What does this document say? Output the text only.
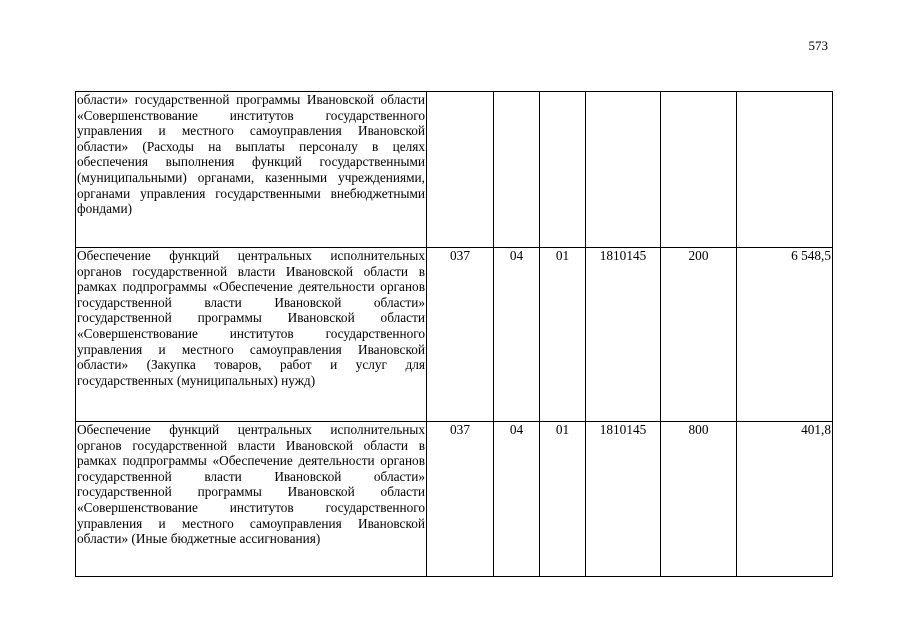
573
области» государственной программы Ивановской области «Совершенствование институтов государственного управления и местного самоуправления Ивановской области» (Расходы на выплаты персоналу в целях обеспечения выполнения функций государственными (муниципальными) органами, казенными учреждениями, органами управления государственными внебюджетными фондами)						
Обеспечение функций центральных исполнительных органов государственной власти Ивановской области в рамках подпрограммы «Обеспечение деятельности органов государственной власти Ивановской области» государственной программы Ивановской области «Совершенствование институтов государственного управления и местного самоуправления Ивановской области» (Закупка товаров, работ и услуг для государственных (муниципальных) нужд)	037	04	01	1810145	200	6 548,5
Обеспечение функций центральных исполнительных органов государственной власти Ивановской области в рамках подпрограммы «Обеспечение деятельности органов государственной власти Ивановской области» государственной программы Ивановской области «Совершенствование институтов государственного управления и местного самоуправления Ивановской области» (Иные бюджетные ассигнования)	037	04	01	1810145	800	401,8
